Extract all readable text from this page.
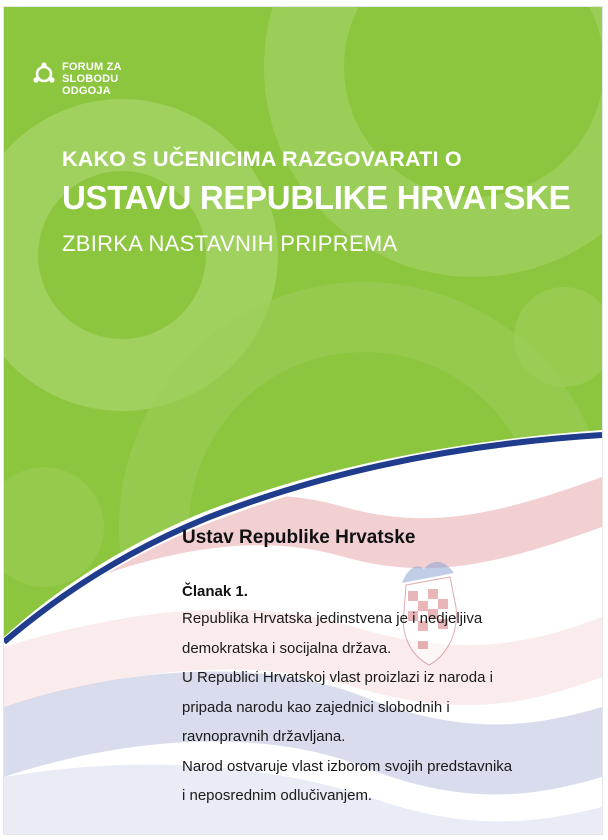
FORUM ZA
SLOBODU
ODGOJA
KAKO S UČENICIMA RAZGOVARATI O
USTAVU REPUBLIKE HRVATSKE
ZBIRKA NASTAVNIH PRIPREMA
Ustav Republike Hrvatske
Članak 1.
Republika Hrvatska jedinstvena je i nedjeljiva
demokratska i socijalna država.
U Republici Hrvatskoj vlast proizlazi iz naroda i
pripada narodu kao zajednici slobodnih i
ravnopravnih državljana.
Narod ostvaruje vlast izborom svojih predstavnika
i neposrednim odlučivanjem.
